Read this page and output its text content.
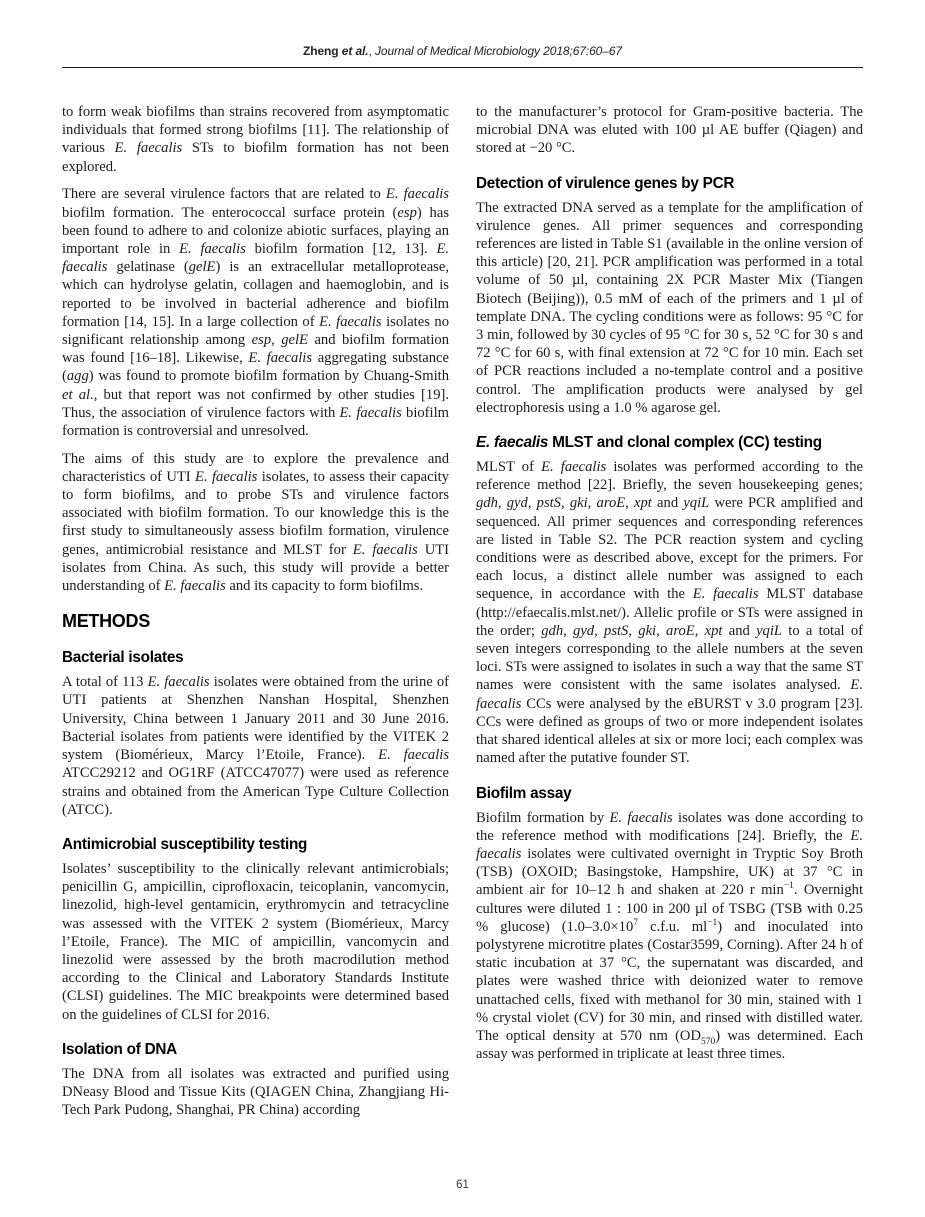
Zheng et al., Journal of Medical Microbiology 2018;67:60–67

to form weak biofilms than strains recovered from asymptomatic individuals that formed strong biofilms [11]. The relationship of various E. faecalis STs to biofilm formation has not been explored.

There are several virulence factors that are related to E. faecalis biofilm formation. The enterococcal surface protein (esp) has been found to adhere to and colonize abiotic surfaces, playing an important role in E. faecalis biofilm formation [12, 13]. E. faecalis gelatinase (gelE) is an extracellular metalloprotease, which can hydrolyse gelatin, collagen and haemoglobin, and is reported to be involved in bacterial adherence and biofilm formation [14, 15]. In a large collection of E. faecalis isolates no significant relationship among esp, gelE and biofilm formation was found [16–18]. Likewise, E. faecalis aggregating substance (agg) was found to promote biofilm formation by Chuang-Smith et al., but that report was not confirmed by other studies [19]. Thus, the association of virulence factors with E. faecalis biofilm formation is controversial and unresolved.

The aims of this study are to explore the prevalence and characteristics of UTI E. faecalis isolates, to assess their capacity to form biofilms, and to probe STs and virulence factors associated with biofilm formation. To our knowledge this is the first study to simultaneously assess biofilm formation, virulence genes, antimicrobial resistance and MLST for E. faecalis UTI isolates from China. As such, this study will provide a better understanding of E. faecalis and its capacity to form biofilms.

METHODS
Bacterial isolates

A total of 113 E. faecalis isolates were obtained from the urine of UTI patients at Shenzhen Nanshan Hospital, Shenzhen University, China between 1 January 2011 and 30 June 2016. Bacterial isolates from patients were identified by the VITEK 2 system (Biomérieux, Marcy l’Etoile, France). E. faecalis ATCC29212 and OG1RF (ATCC47077) were used as reference strains and obtained from the American Type Culture Collection (ATCC).

Antimicrobial susceptibility testing

Isolates’ susceptibility to the clinically relevant antimicrobials; penicillin G, ampicillin, ciprofloxacin, teicoplanin, vancomycin, linezolid, high-level gentamicin, erythromycin and tetracycline was assessed with the VITEK 2 system (Biomérieux, Marcy l’Etoile, France). The MIC of ampicillin, vancomycin and linezolid were assessed by the broth macrodilution method according to the Clinical and Laboratory Standards Institute (CLSI) guidelines. The MIC breakpoints were determined based on the guidelines of CLSI for 2016.

Isolation of DNA

The DNA from all isolates was extracted and purified using DNeasy Blood and Tissue Kits (QIAGEN China, Zhangjiang Hi-Tech Park Pudong, Shanghai, PR China) according

to the manufacturer’s protocol for Gram-positive bacteria. The microbial DNA was eluted with 100 µl AE buffer (Qiagen) and stored at −20 °C.

Detection of virulence genes by PCR

The extracted DNA served as a template for the amplification of virulence genes. All primer sequences and corresponding references are listed in Table S1 (available in the online version of this article) [20, 21]. PCR amplification was performed in a total volume of 50 µl, containing 2X PCR Master Mix (Tiangen Biotech (Beijing)), 0.5 mM of each of the primers and 1 µl of template DNA. The cycling conditions were as follows: 95 °C for 3 min, followed by 30 cycles of 95 °C for 30 s, 52 °C for 30 s and 72 °C for 60 s, with final extension at 72 °C for 10 min. Each set of PCR reactions included a no-template control and a positive control. The amplification products were analysed by gel electrophoresis using a 1.0 % agarose gel.

E. faecalis MLST and clonal complex (CC) testing

MLST of E. faecalis isolates was performed according to the reference method [22]. Briefly, the seven housekeeping genes; gdh, gyd, pstS, gki, aroE, xpt and yqiL were PCR amplified and sequenced. All primer sequences and corresponding references are listed in Table S2. The PCR reaction system and cycling conditions were as described above, except for the primers. For each locus, a distinct allele number was assigned to each sequence, in accordance with the E. faecalis MLST database (http://efaecalis.mlst.net/). Allelic profile or STs were assigned in the order; gdh, gyd, pstS, gki, aroE, xpt and yqiL to a total of seven integers corresponding to the allele numbers at the seven loci. STs were assigned to isolates in such a way that the same ST names were consistent with the same isolates analysed. E. faecalis CCs were analysed by the eBURST v 3.0 program [23]. CCs were defined as groups of two or more independent isolates that shared identical alleles at six or more loci; each complex was named after the putative founder ST.

Biofilm assay

Biofilm formation by E. faecalis isolates was done according to the reference method with modifications [24]. Briefly, the E. faecalis isolates were cultivated overnight in Tryptic Soy Broth (TSB) (OXOID; Basingstoke, Hampshire, UK) at 37 °C in ambient air for 10–12 h and shaken at 220 r $\min^{-1}$. Overnight cultures were diluted 1 : 100 in 200 µl of TSBG (TSB with 0.25 % glucose) ($1.0-3.0\times 10^7$ c.f.u. $ml^{-1}$) and inoculated into polystyrene microtitre plates (Costar3599, Corning). After 24 h of static incubation at 37 °C, the supernatant was discarded, and plates were washed thrice with deionized water to remove unattached cells, fixed with methanol for 30 min, stained with 1 % crystal violet (CV) for 30 min, and rinsed with distilled water. The optical density at 570 nm $(OD_{570})$ was determined. Each assay was performed in triplicate at least three times.

61
